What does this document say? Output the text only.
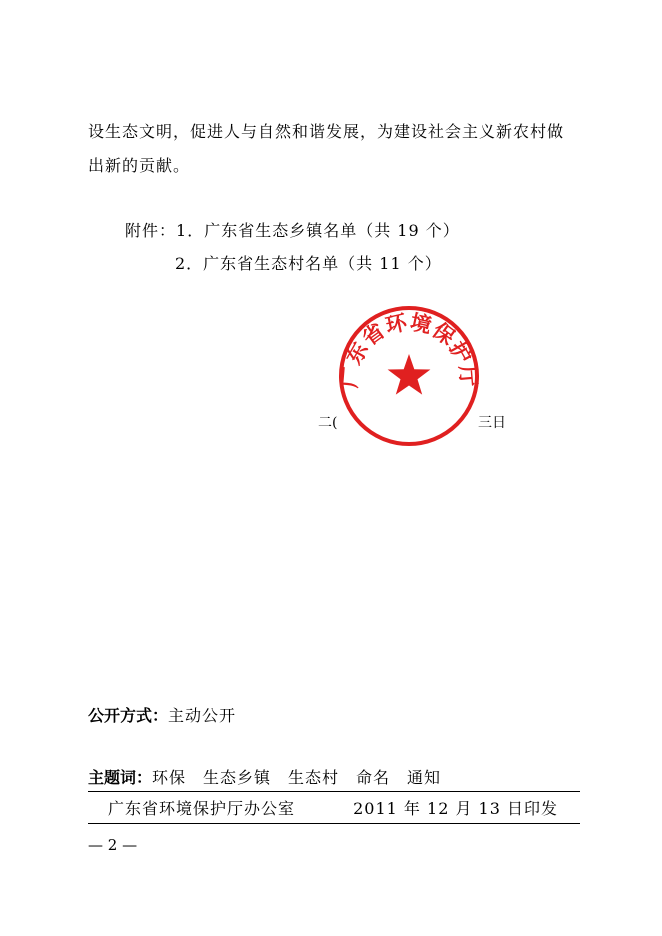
设生态文明，促进人与自然和谐发展，为建设社会主义新农村做
出新的贡献。
附件：1．广东省生态乡镇名单（共 19 个）
2．广东省生态村名单（共 11 个）
二(	三日
广东省环境保护厅
公开方式：主动公开
主题词：环保　生态乡镇　生态村　命名　通知
广东省环境保护厅办公室	2011 年 12 月 13 日印发
— 2 —
